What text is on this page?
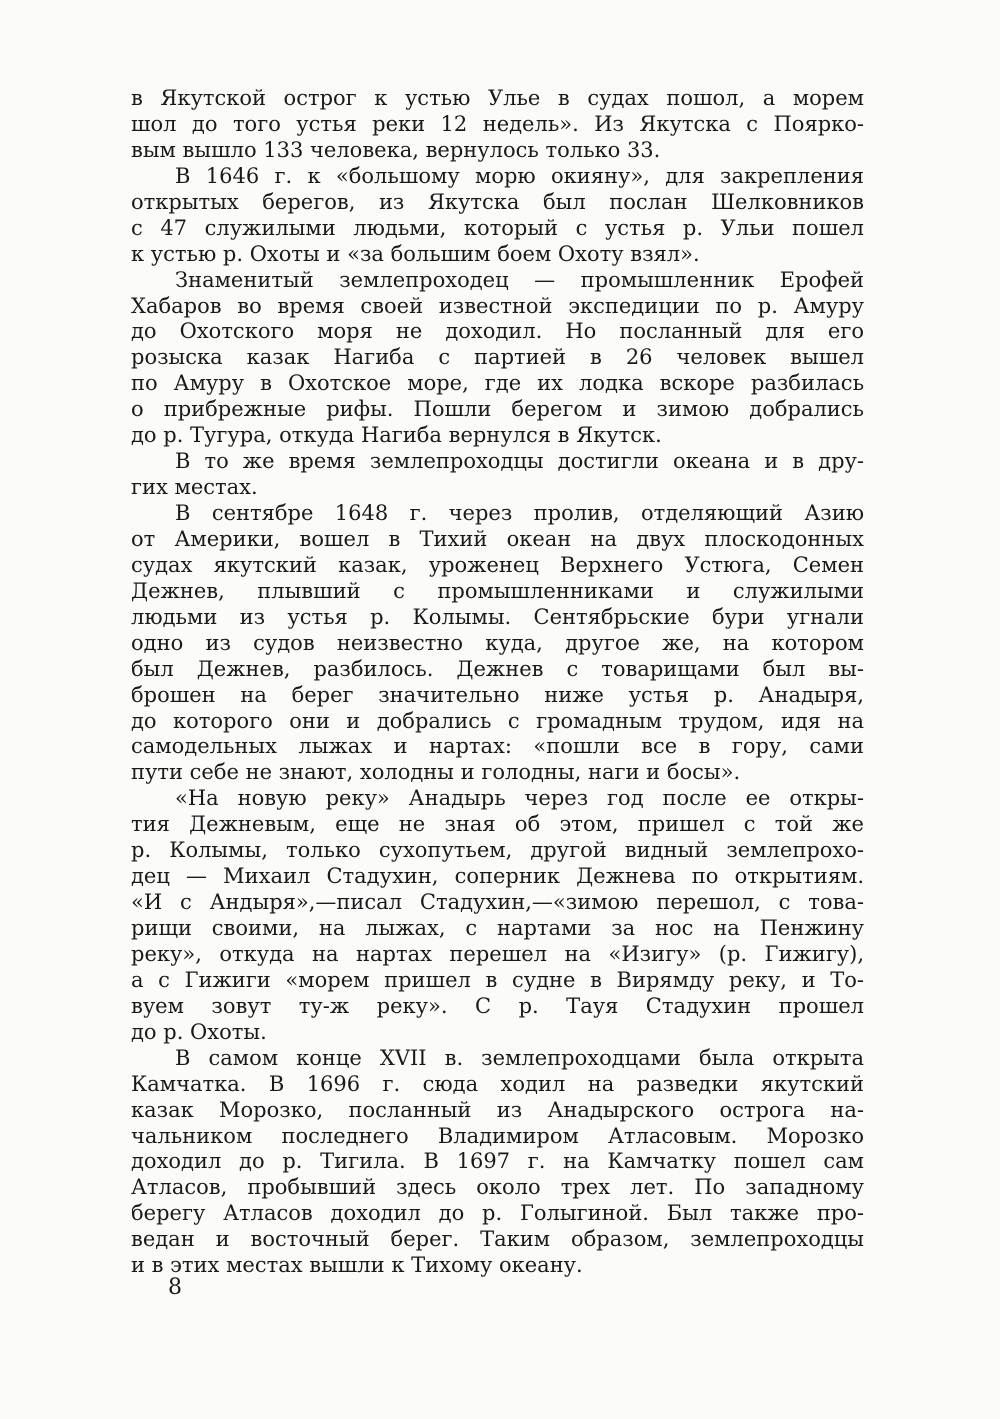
в Якутской острог к устью Улье в судах пошол, а морем
шол до того устья реки 12 недель». Из Якутска с Поярко-
вым вышло 133 человека, вернулось только 33.
В 1646 г. к «большому морю окияну», для закрепления
открытых берегов, из Якутска был послан Шелковников
с 47 служилыми людьми, который с устья р. Ульи пошел
к устью р. Охоты и «за большим боем Охоту взял».
Знаменитый землепроходец — промышленник Ерофей
Хабаров во время своей известной экспедиции по р. Амуру
до Охотского моря не доходил. Но посланный для его
розыска казак Нагиба с партией в 26 человек вышел
по Амуру в Охотское море, где их лодка вскоре разбилась
о прибрежные рифы. Пошли берегом и зимою добрались
до р. Тугура, откуда Нагиба вернулся в Якутск.
В то же время землепроходцы достигли океана и в дру-
гих местах.
В сентябре 1648 г. через пролив, отделяющий Азию
от Америки, вошел в Тихий океан на двух плоскодонных
судах якутский казак, уроженец Верхнего Устюга, Семен
Дежнев, плывший с промышленниками и служилыми
людьми из устья р. Колымы. Сентябрьские бури угнали
одно из судов неизвестно куда, другое же, на котором
был Дежнев, разбилось. Дежнев с товарищами был вы-
брошен на берег значительно ниже устья р. Анадыря,
до которого они и добрались с громадным трудом, идя на
самодельных лыжах и нартах: «пошли все в гору, сами
пути себе не знают, холодны и голодны, наги и босы».
«На новую реку» Анадырь через год после ее откры-
тия Дежневым, еще не зная об этом, пришел с той же
р. Колымы, только сухопутьем, другой видный землепрохо-
дец — Михаил Стадухин, соперник Дежнева по открытиям.
«И с Андыря»,—писал Стадухин,—«зимою перешол, с това-
рищи своими, на лыжах, с нартами за нос на Пенжину
реку», откуда на нартах перешел на «Изигу» (р. Гижигу),
а с Гижиги «морем пришел в судне в Вирямду реку, и То-
вуем зовут ту-ж реку». С р. Тауя Стадухин прошел
до р. Охоты.
В самом конце XVII в. землепроходцами была открыта
Камчатка. В 1696 г. сюда ходил на разведки якутский
казак Морозко, посланный из Анадырского острога на-
чальником последнего Владимиром Атласовым. Морозко
доходил до р. Тигила. В 1697 г. на Камчатку пошел сам
Атласов, пробывший здесь около трех лет. По западному
берегу Атласов доходил до р. Голыгиной. Был также про-
ведан и восточный берег. Таким образом, землепроходцы
и в этих местах вышли к Тихому океану.
8
